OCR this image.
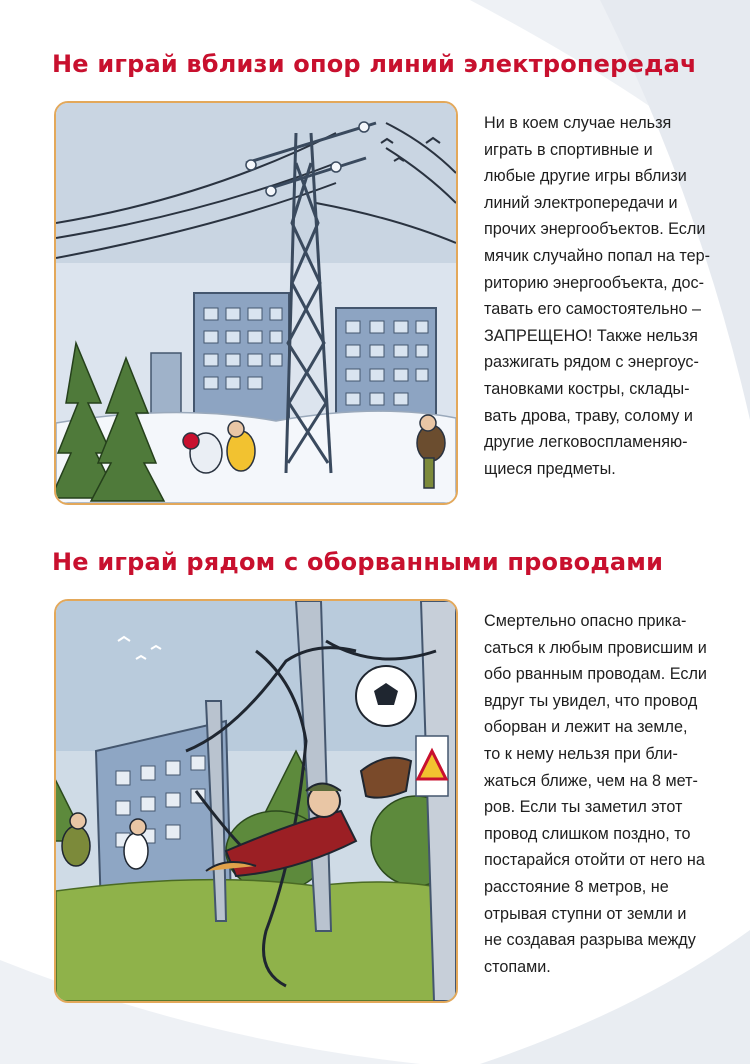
Не играй вблизи опор линий электропередач

Ни в коем случае нельзя
играть в спортивные и
любые другие игры вблизи
линий электропередачи и
прочих энергообъектов. Если
мячик случайно попал на тер-
риторию энергообъекта, дос-
тавать его самостоятельно –
ЗАПРЕЩЕНО! Также нельзя
разжигать рядом с энергоус-
тановками костры, склады-
вать дрова, траву, солому и
другие легковоспламеняю-
щиеся предметы.

Не играй рядом с оборванными проводами

Смертельно опасно прика-
саться к любым провисшим и
обо рванным проводам. Если
вдруг ты увидел, что провод
оборван и лежит на земле,
то к нему нельзя при бли-
жаться ближе, чем на 8 мет-
ров. Если ты заметил этот
провод слишком поздно, то
постарайся отойти от него на
расстояние 8 метров, не
отрывая ступни от земли и
не создавая разрыва между
стопами.
